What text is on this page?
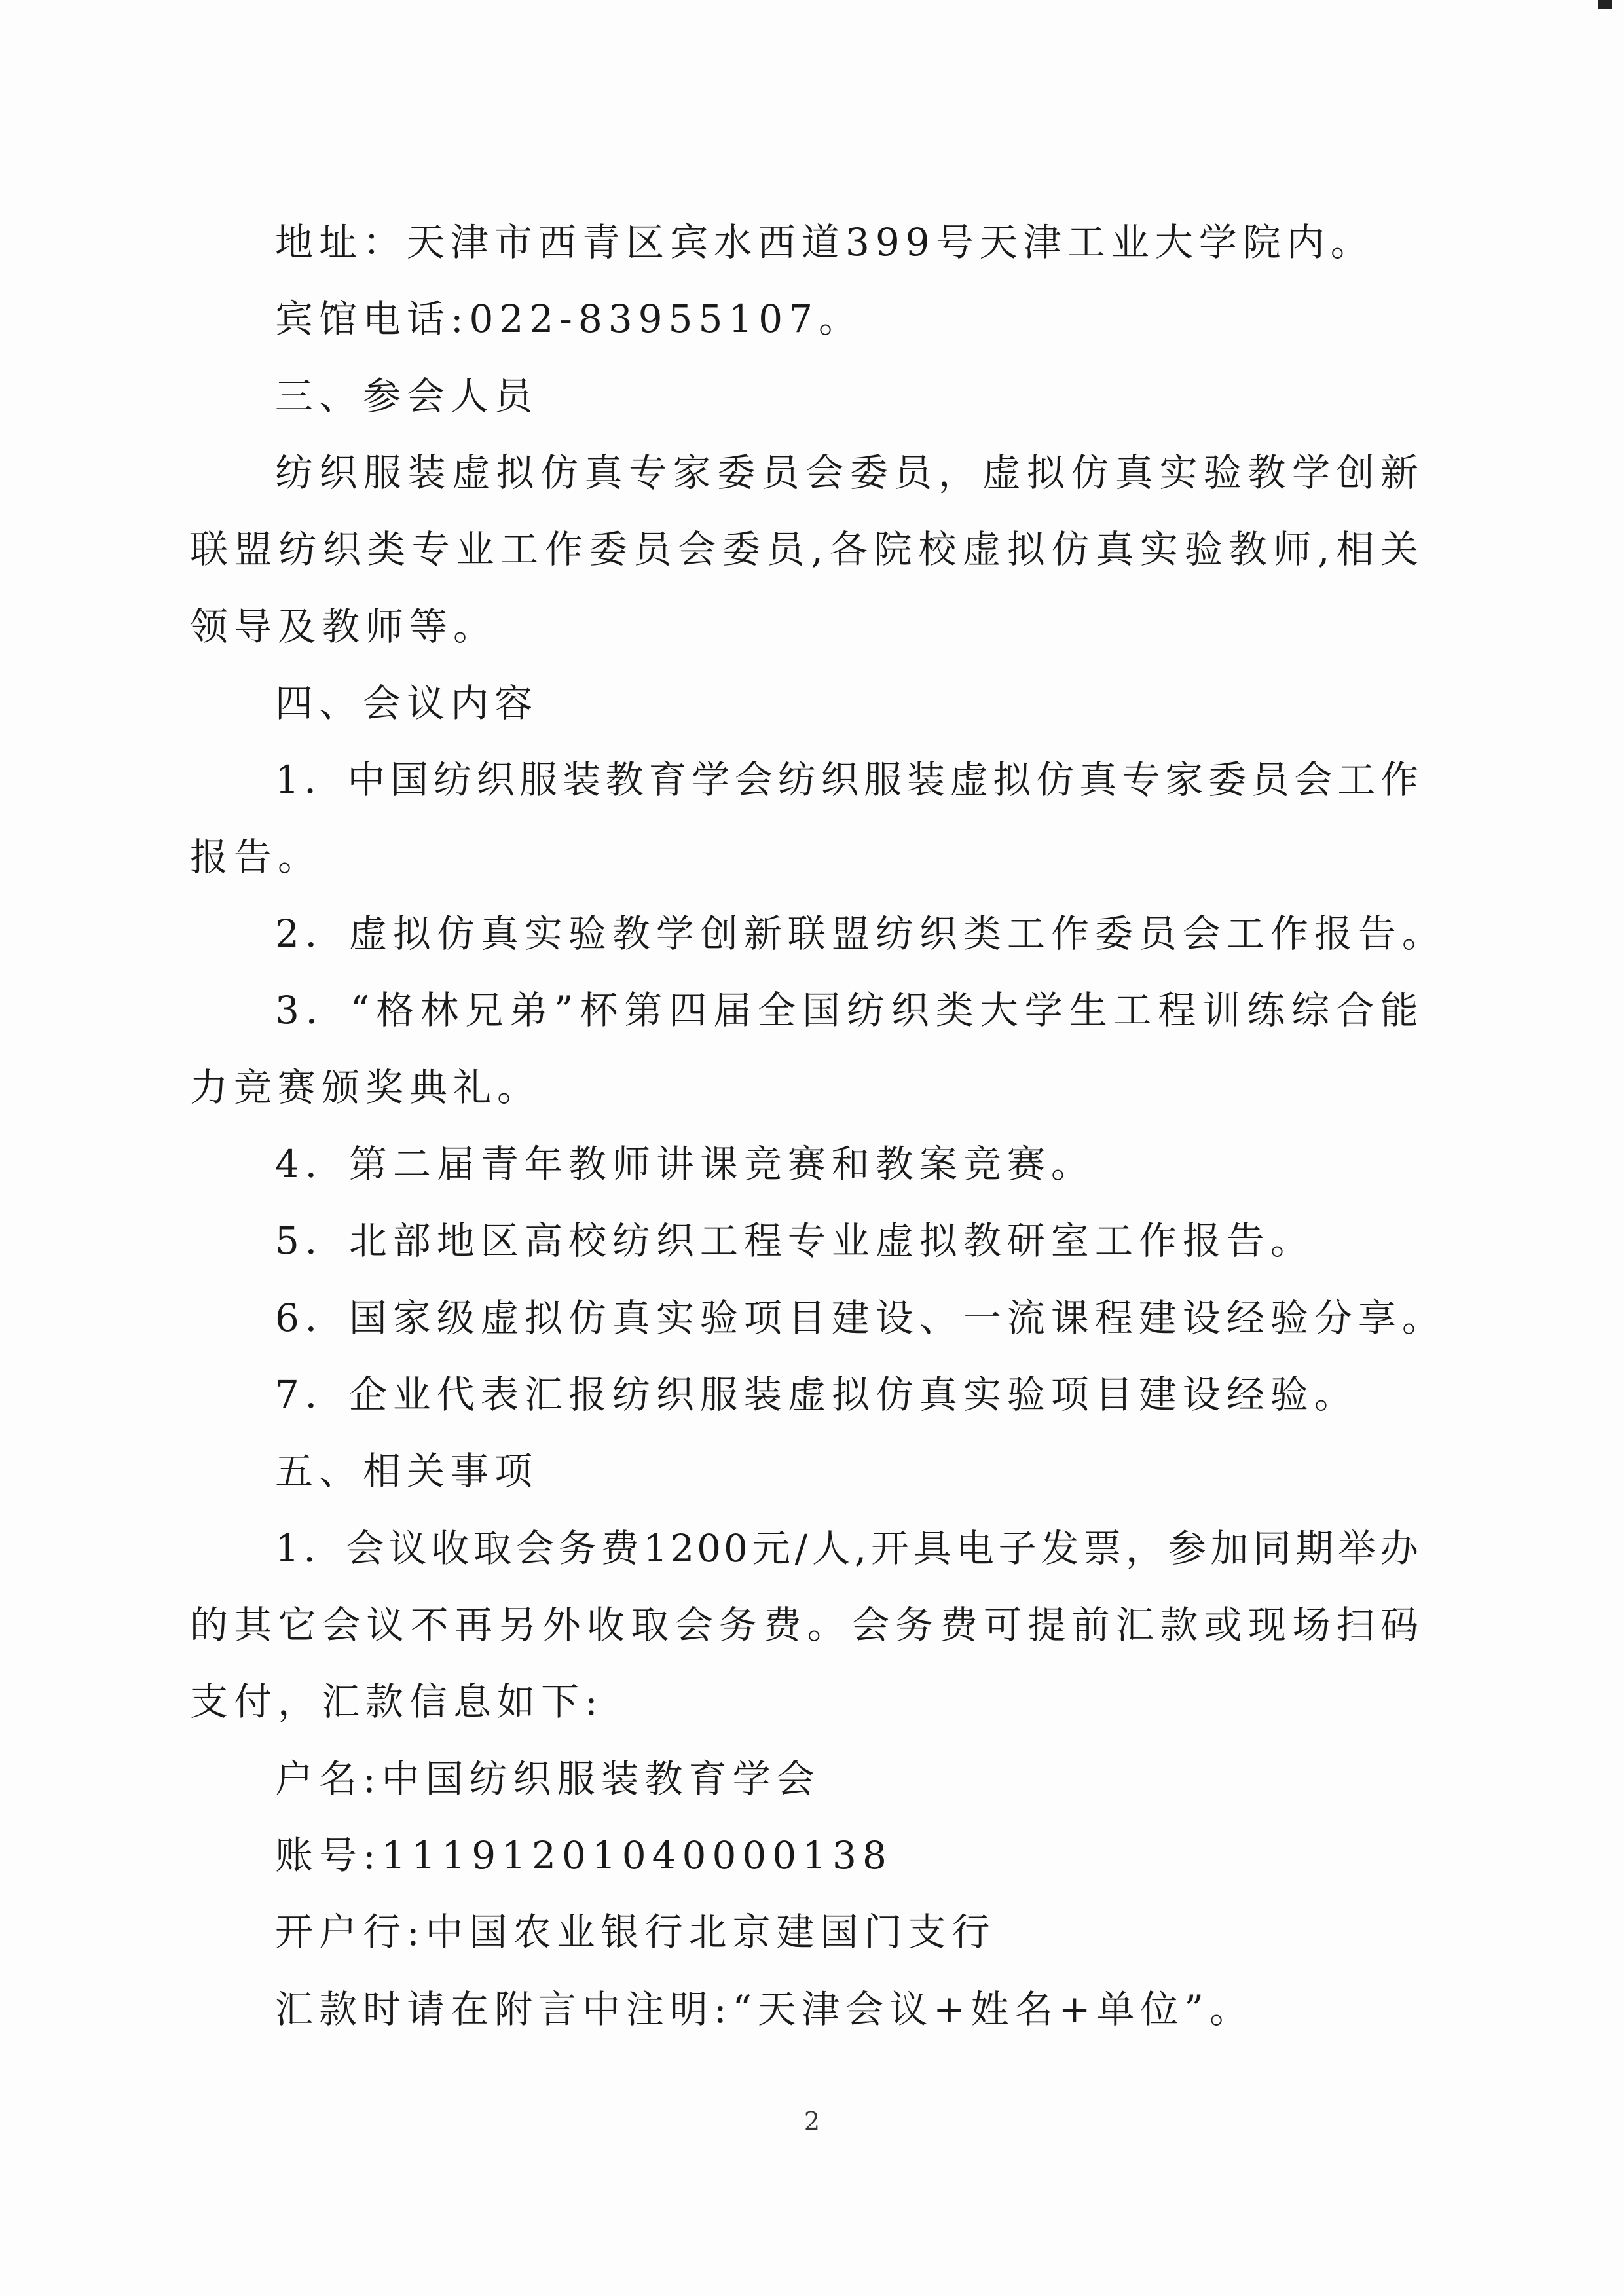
地址：天津市西青区宾水西道399号天津工业大学院内。
宾馆电话:022-83955107。
三、参会人员
纺织服装虚拟仿真专家委员会委员，虚拟仿真实验教学创新
联盟纺织类专业工作委员会委员,各院校虚拟仿真实验教师,相关
领导及教师等。
四、会议内容
1．中国纺织服装教育学会纺织服装虚拟仿真专家委员会工作
报告。
2．虚拟仿真实验教学创新联盟纺织类工作委员会工作报告。
3．“格林兄弟”杯第四届全国纺织类大学生工程训练综合能
力竞赛颁奖典礼。
4．第二届青年教师讲课竞赛和教案竞赛。
5．北部地区高校纺织工程专业虚拟教研室工作报告。
6．国家级虚拟仿真实验项目建设、一流课程建设经验分享。
7．企业代表汇报纺织服装虚拟仿真实验项目建设经验。
五、相关事项
1．会议收取会务费1200元/人,开具电子发票，参加同期举办
的其它会议不再另外收取会务费。会务费可提前汇款或现场扫码
支付，汇款信息如下:
户名:中国纺织服装教育学会
账号:11191201040000138
开户行:中国农业银行北京建国门支行
汇款时请在附言中注明:“天津会议+姓名+单位”。
2
